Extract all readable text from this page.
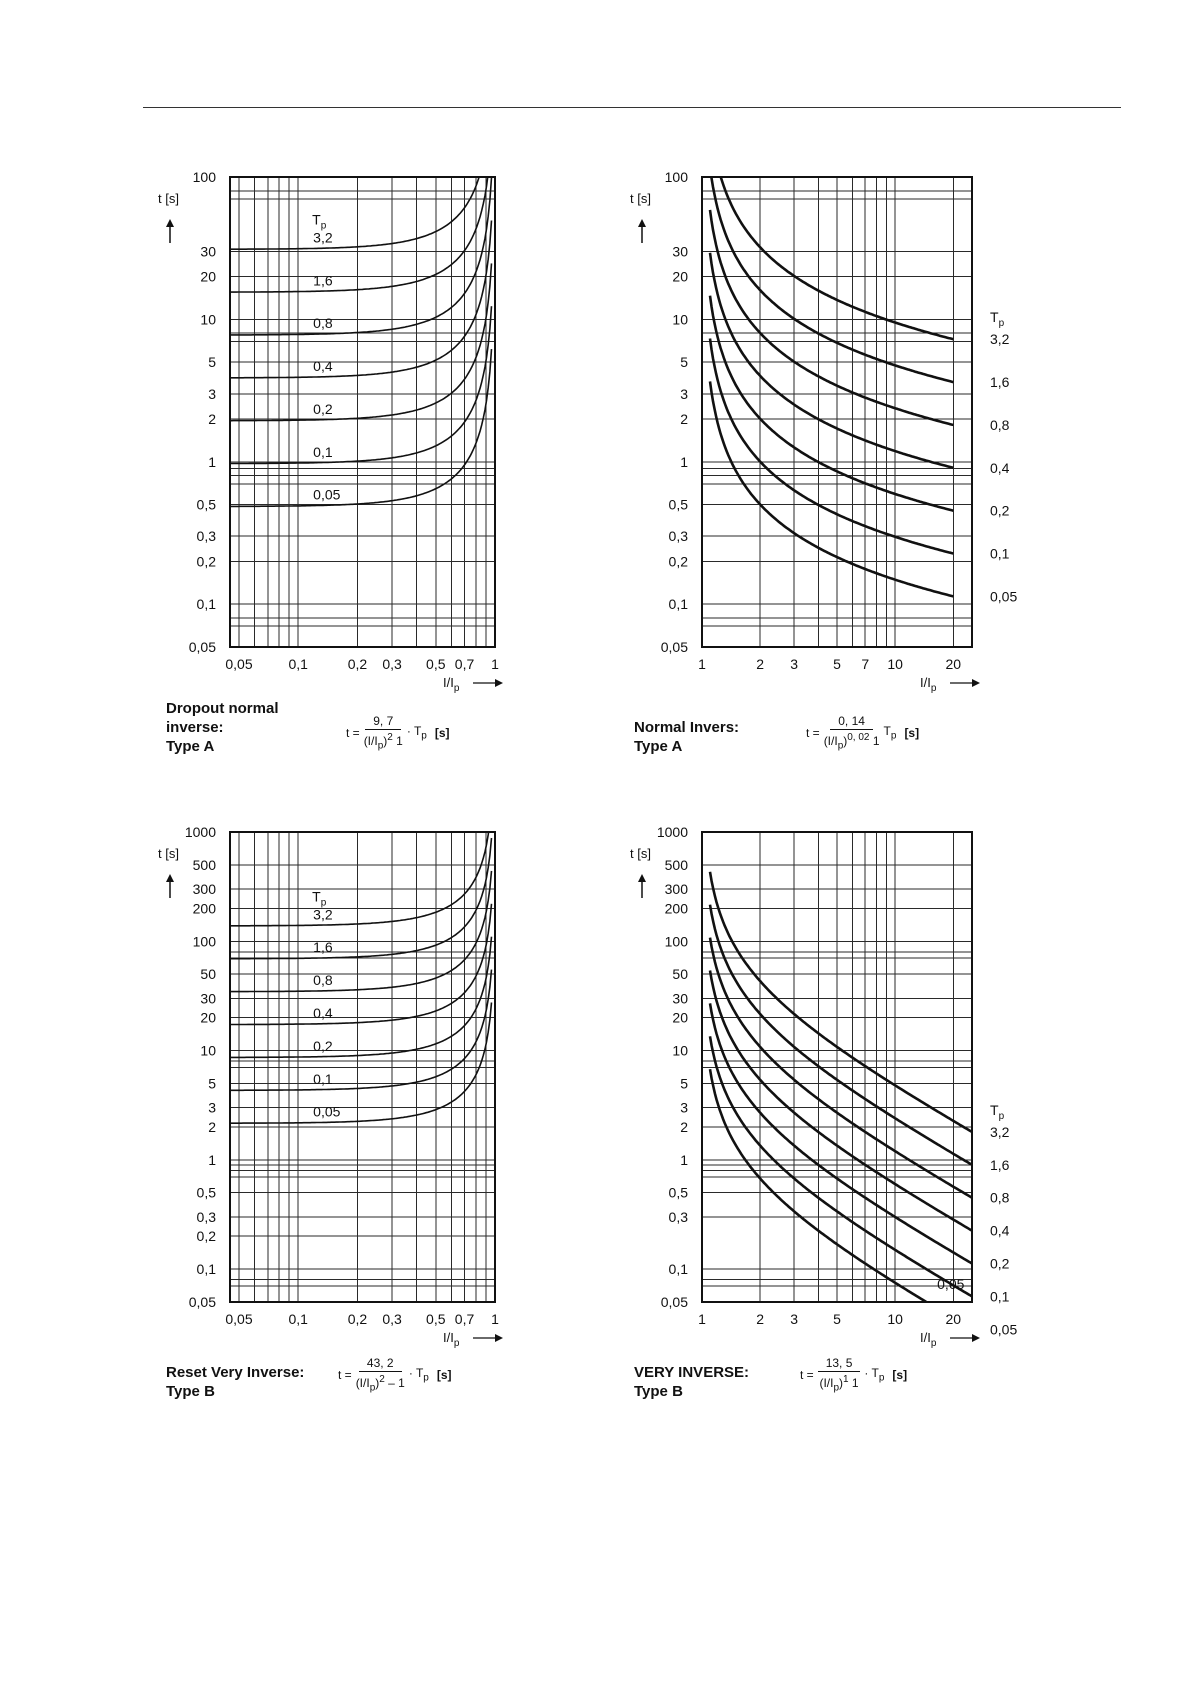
100
30
20
10
5
3
2
1
0,5
0,3
0,2
0,1
0,05
0,05	0,1	0,2 0,3 0,5 0,7 1
t [s]
$I/I_p$
3,2
1,6
0,8
0,4
0,2
0,1
0,05
$T_p$
100
30
20
10
5
3
2
1
0,5
0,3
0,2
0,1
0,05
1	2 3	5 7 10	20
t [s]
$I/I_p$
3,2
1,6
0,8
0,4
0,2
0,1
0,05
$T_p$
1000
500
300
200
100
50
30
20
10
5
3
2
1
0,5
0,3
0,2
0,1
0,05
0,05	0,1	0,2 0,3 0,5 0,7 1
t [s]
$I/I_p$
3,2
1,6
0,8
0,4
0,2
0,1
0,05
$T_p$
1000
500
300
200
100
50
30
20
10
5
3
2
1
0,5
0,3
0,1
0,05
1	2 3	5	10	20
t [s]
$I/I_p$
3,2
1,6
0,8
0,4
0,2
0,1
0,05
$T_p$
0,05
Dropout normal
inverse:
Type A
Normal Invers:
Type A
Reset Very Inverse:
Type B
VERY INVERSE:
Type B
$t = \frac{9, 7}{(I/I_p)^2 1} \cdot T_p$ [s]	$t = \frac{0, 14}{(I/I_p)^{0, 02} 1} T_p$ [s]
$t = \frac{43, 2}{(I/I_p)^2 - 1} \cdot T_p$ [s]	$t = \frac{13, 5}{(I/I_p)^1 1} \cdot T_p$ [s]
